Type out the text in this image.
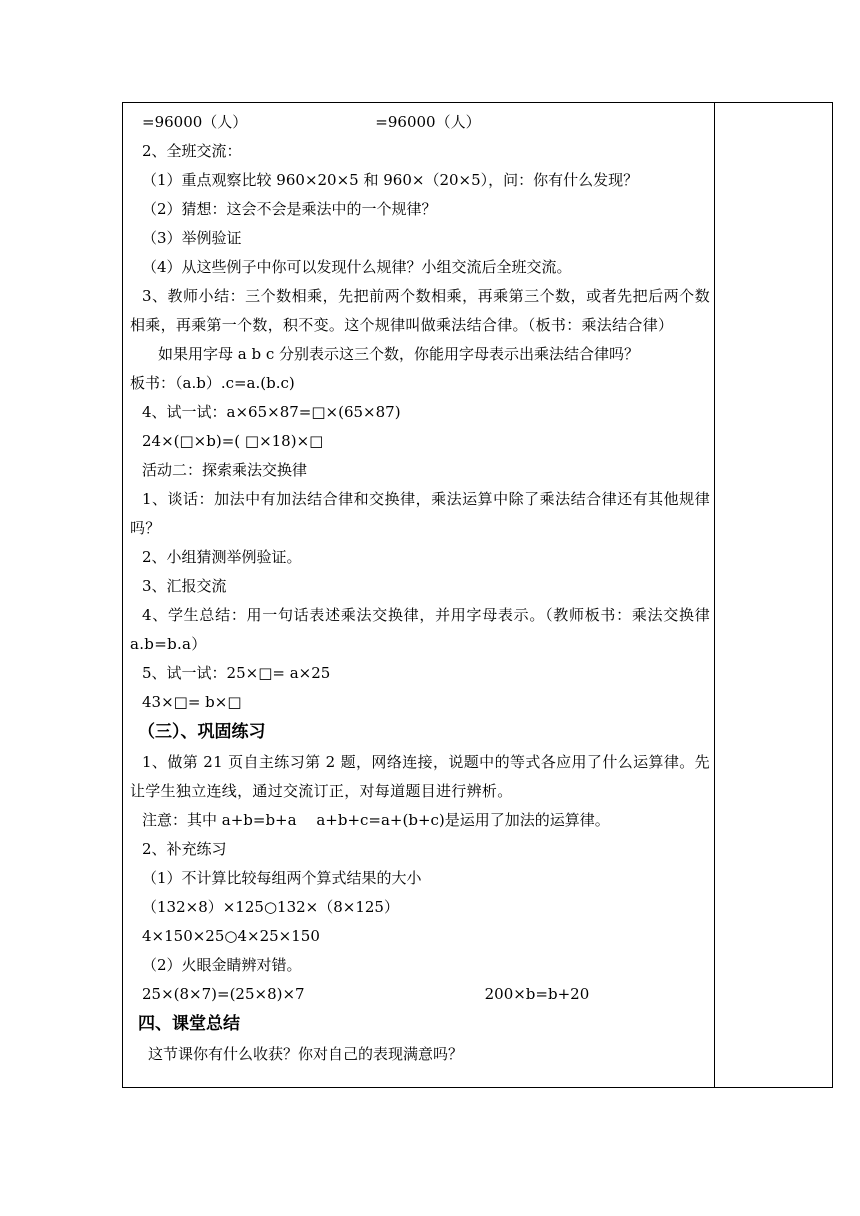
=96000（人）	=96000（人）
2、全班交流：
（1）重点观察比较 960×20×5 和 960×（20×5），问：你有什么发现？
（2）猜想：这会不会是乘法中的一个规律？
（3）举例验证
（4）从这些例子中你可以发现什么规律？小组交流后全班交流。
3、教师小结：三个数相乘，先把前两个数相乘，再乘第三个数，或者先把后两个数相乘，再乘第一个数，积不变。这个规律叫做乘法结合律。（板书：乘法结合律）
如果用字母 a b c 分别表示这三个数，你能用字母表示出乘法结合律吗？
板书：（a.b）.c=a.(b.c)
4、试一试：a×65×87=□×(65×87)
24×(□×b)=( □×18)×□
活动二：探索乘法交换律
1、谈话：加法中有加法结合律和交换律，乘法运算中除了乘法结合律还有其他规律吗？
2、小组猜测举例验证。
3、汇报交流
4、学生总结：用一句话表述乘法交换律，并用字母表示。（教师板书：乘法交换律 a.b=b.a）
5、试一试：25×□= a×25
43×□= b×□
（三）、巩固练习
1、做第 21 页自主练习第 2 题，网络连接，说题中的等式各应用了什么运算律。先让学生独立连线，通过交流订正，对每道题目进行辨析。
注意：其中 a+b=b+a　 a+b+c=a+(b+c)是运用了加法的运算律。
2、补充练习
（1）不计算比较每组两个算式结果的大小
（132×8）×125○132×（8×125）
4×150×25○4×25×150
（2）火眼金睛辨对错。
25×(8×7)=(25×8)×7	200×b=b+20
四、课堂总结
这节课你有什么收获？你对自己的表现满意吗？
